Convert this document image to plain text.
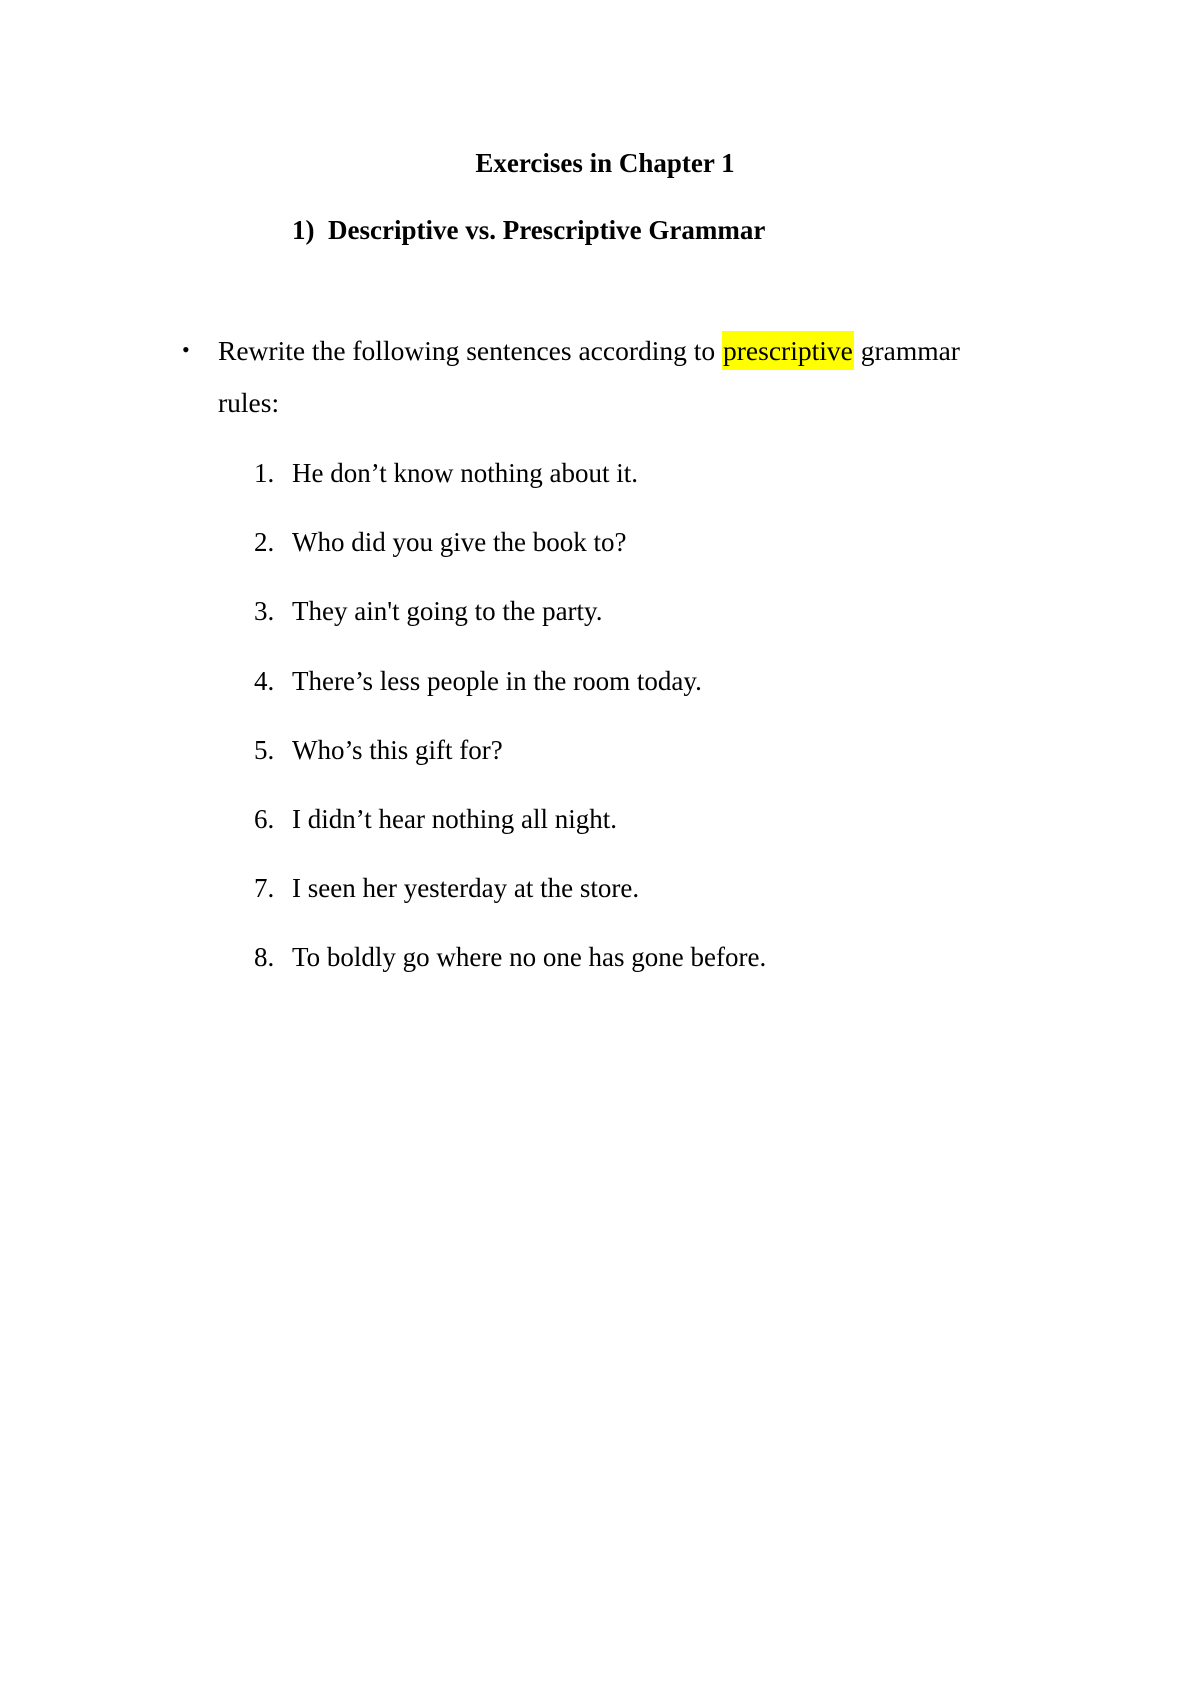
Exercises in Chapter 1
1) Descriptive vs. Prescriptive Grammar
• Rewrite the following sentences according to prescriptive grammar
rules:
1. He don’t know nothing about it.
2. Who did you give the book to?
3. They ain't going to the party.
4. There’s less people in the room today.
5. Who’s this gift for?
6. I didn’t hear nothing all night.
7. I seen her yesterday at the store.
8. To boldly go where no one has gone before.
